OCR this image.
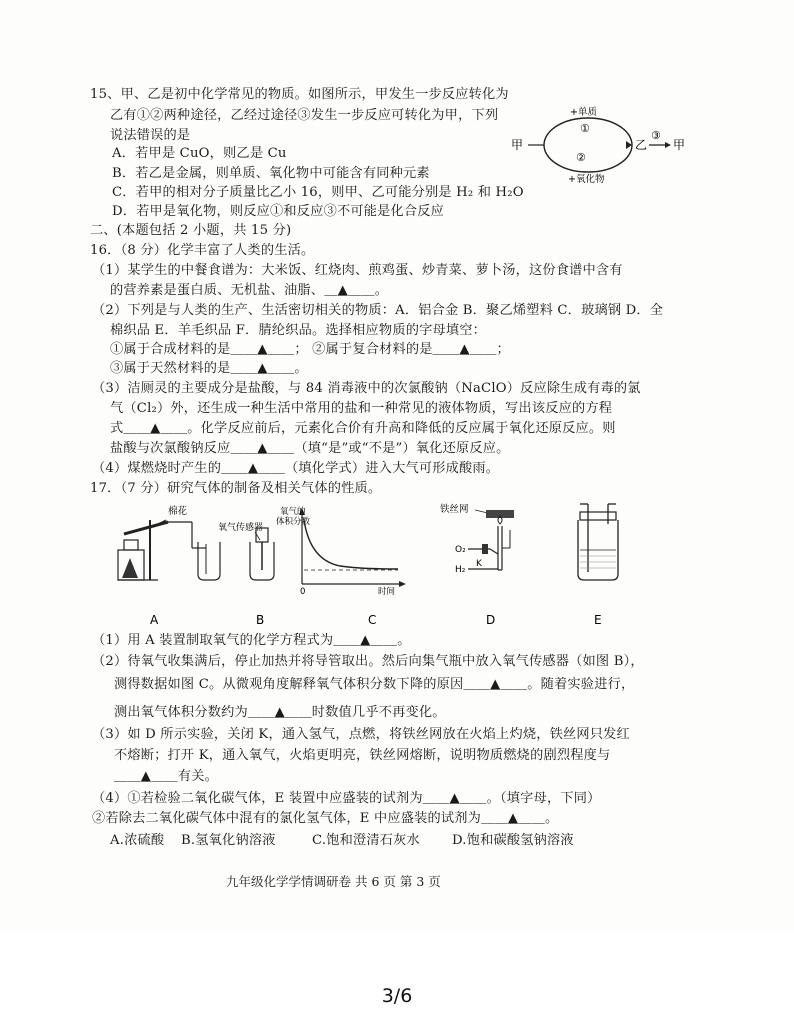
15、甲、乙是初中化学常见的物质。如图所示，甲发生一步反应转化为
乙有①②两种途径，乙经过途径③发生一步反应可转化为甲，下列
说法错误的是
A．若甲是 CuO，则乙是 Cu
B．若乙是金属，则单质、氧化物中可能含有同种元素
C．若甲的相对分子质量比乙小 16，则甲、乙可能分别是 H₂ 和 H₂O
D．若甲是氧化物，则反应①和反应③不可能是化合反应
甲
+单质
①
②
+氧化物
乙
③
甲
二、(本题包括 2 小题，共 15 分)
16．（8 分）化学丰富了人类的生活。
（1）某学生的中餐食谱为：大米饭、红烧肉、煎鸡蛋、炒青菜、萝卜汤，这份食谱中含有
的营养素是蛋白质、无机盐、油脂、＿▲＿＿。
（2）下列是与人类的生产、生活密切相关的物质：A．铝合金 B．聚乙烯塑料 C．玻璃钢 D．全
棉织品 E．羊毛织品 F．腈纶织品。选择相应物质的字母填空：
①属于合成材料的是＿＿▲＿＿； ②属于复合材料的是＿＿▲＿＿；
③属于天然材料的是＿＿▲＿＿。
（3）洁厕灵的主要成分是盐酸，与 84 消毒液中的次氯酸钠（NaClO）反应除生成有毒的氯
气（Cl₂）外，还生成一种生活中常用的盐和一种常见的液体物质，写出该反应的方程
式＿＿▲＿＿。化学反应前后，元素化合价有升高和降低的反应属于氧化还原反应。则
盐酸与次氯酸钠反应＿＿▲＿＿（填“是”或“不是”）氧化还原反应。
（4）煤燃烧时产生的＿＿▲＿＿（填化学式）进入大气可形成酸雨。
17．（7 分）研究气体的制备及相关气体的性质。
棉花
氧气传感器
氧气的
体积分数
0	时间
铁丝网
O₂
K
H₂
A	B	C	D	E
（1）用 A 装置制取氧气的化学方程式为＿＿▲＿＿。
（2）待氧气收集满后，停止加热并将导管取出。然后向集气瓶中放入氧气传感器（如图 B），
测得数据如图 C。从微观角度解释氧气体积分数下降的原因＿＿▲＿＿。随着实验进行，
测出氧气体积分数约为＿＿▲＿＿时数值几乎不再变化。
（3）如 D 所示实验，关闭 K，通入氢气，点燃，将铁丝网放在火焰上灼烧，铁丝网只发红
不熔断；打开 K，通入氧气，火焰更明亮，铁丝网熔断，说明物质燃烧的剧烈程度与
＿＿▲＿＿有关。
（4）①若检验二氧化碳气体，E 装置中应盛装的试剂为＿＿▲＿＿。（填字母，下同）
②若除去二氧化碳气体中混有的氯化氢气体，E 中应盛装的试剂为＿＿▲＿＿。
A.浓硫酸 B.氢氧化钠溶液	C.饱和澄清石灰水 D.饱和碳酸氢钠溶液
九年级化学学情调研卷 共 6 页 第 3 页
3/6
